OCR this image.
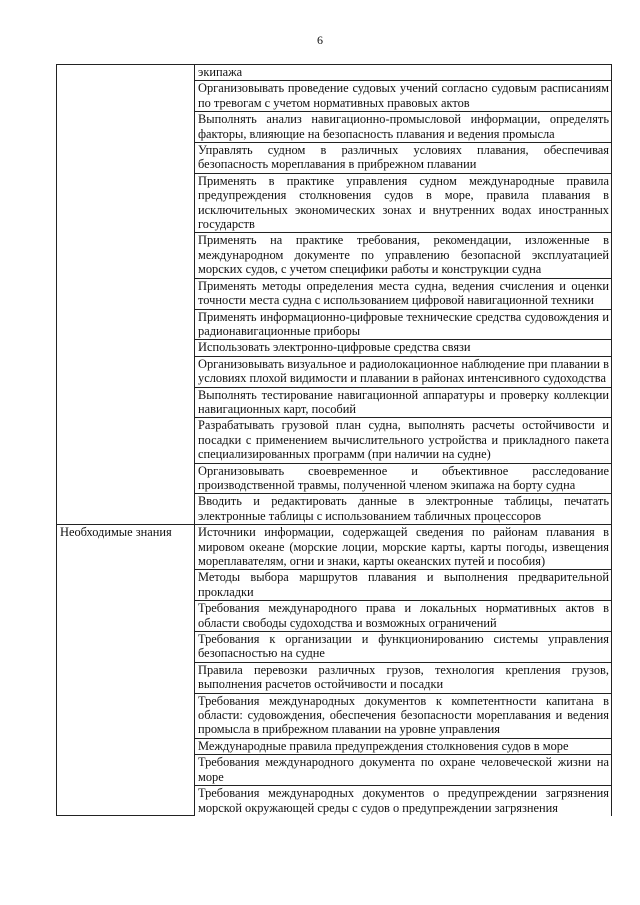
6
	экипажа
	Организовывать проведение судовых учений согласно судовым расписаниям по тревогам с учетом нормативных правовых актов
	Выполнять анализ навигационно-промысловой информации, определять факторы, влияющие на безопасность плавания и ведения промысла
	Управлять судном в различных условиях плавания, обеспечивая безопасность мореплавания в прибрежном плавании
	Применять в практике управления судном международные правила предупреждения столкновения судов в море, правила плавания в исключительных экономических зонах и внутренних водах иностранных государств
	Применять на практике требования, рекомендации, изложенные в международном документе по управлению безопасной эксплуатацией морских судов, с учетом специфики работы и конструкции судна
	Применять методы определения места судна, ведения счисления и оценки точности места судна с использованием цифровой навигационной техники
	Применять информационно-цифровые технические средства судовождения и радионавигационные приборы
	Использовать электронно-цифровые средства связи
	Организовывать визуальное и радиолокационное наблюдение при плавании в условиях плохой видимости и плавании в районах интенсивного судоходства
	Выполнять тестирование навигационной аппаратуры и проверку коллекции навигационных карт, пособий
	Разрабатывать грузовой план судна, выполнять расчеты остойчивости и посадки с применением вычислительного устройства и прикладного пакета специализированных программ (при наличии на судне)
	Организовывать своевременное и объективное расследование производственной травмы, полученной членом экипажа на борту судна
	Вводить и редактировать данные в электронные таблицы, печатать электронные таблицы с использованием табличных процессоров
Необходимые знания	Источники информации, содержащей сведения по районам плавания в мировом океане (морские лоции, морские карты, карты погоды, извещения мореплавателям, огни и знаки, карты океанских путей и пособия)
	Методы выбора маршрутов плавания и выполнения предварительной прокладки
	Требования международного права и локальных нормативных актов в области свободы судоходства и возможных ограничений
	Требования к организации и функционированию системы управления безопасностью на судне
	Правила перевозки различных грузов, технология крепления грузов, выполнения расчетов остойчивости и посадки
	Требования международных документов к компетентности капитана в области: судовождения, обеспечения безопасности мореплавания и ведения промысла в прибрежном плавании на уровне управления
	Международные правила предупреждения столкновения судов в море
	Требования международного документа по охране человеческой жизни на море
	Требования международных документов о предупреждении загрязнения морской окружающей среды с судов о предупреждении загрязнения
